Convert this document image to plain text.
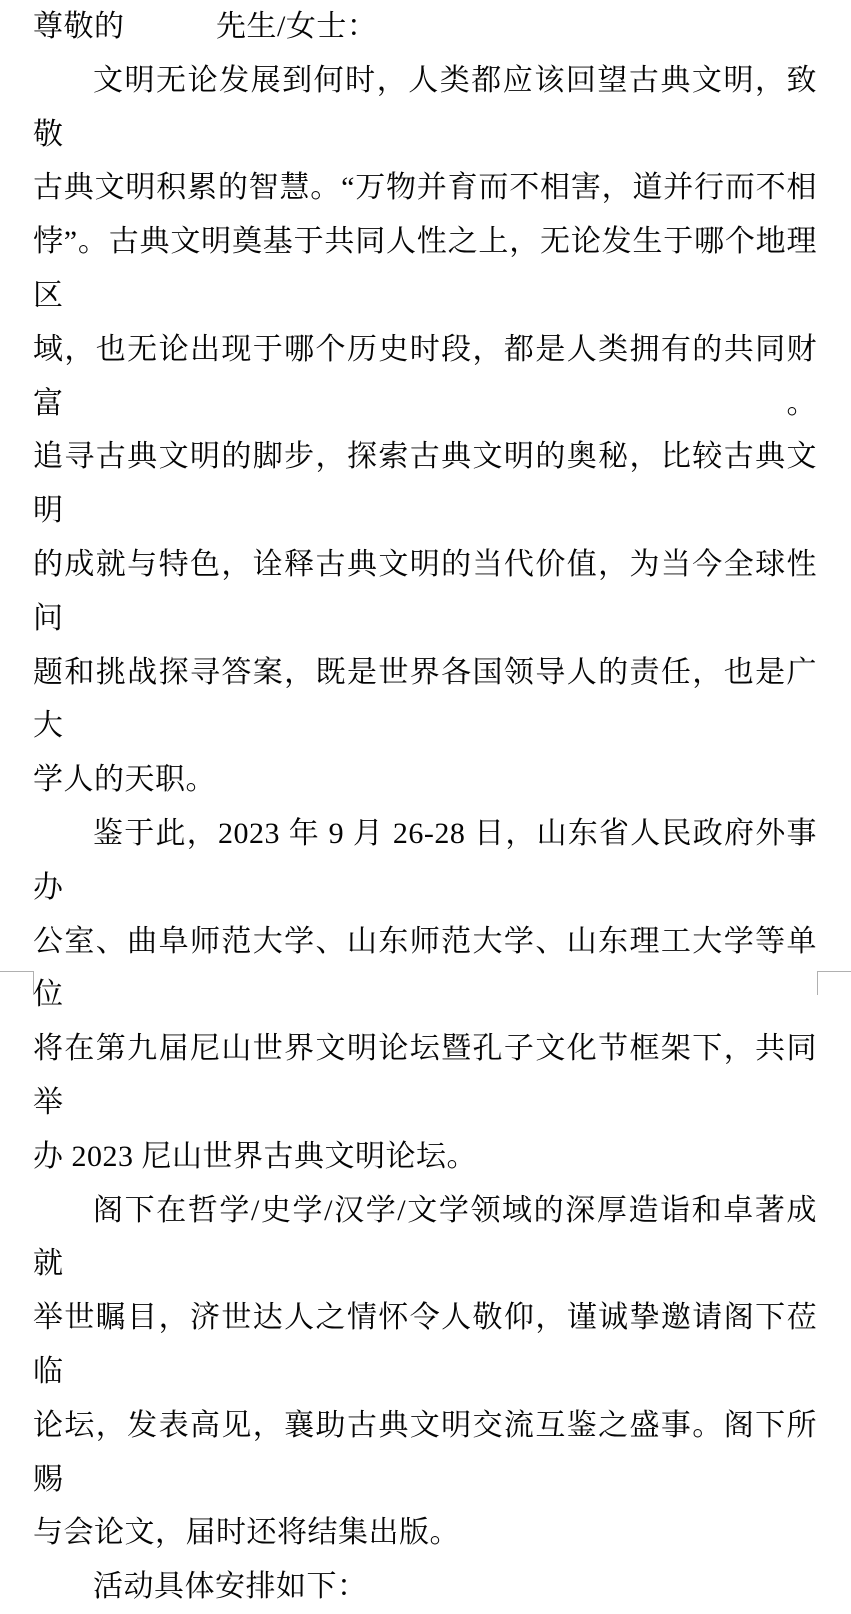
尊敬的　　　先生/女士：
文明无论发展到何时，人类都应该回望古典文明，致敬
古典文明积累的智慧。“万物并育而不相害，道并行而不相
悖”。古典文明奠基于共同人性之上，无论发生于哪个地理区
域，也无论出现于哪个历史时段，都是人类拥有的共同财富。
追寻古典文明的脚步，探索古典文明的奥秘，比较古典文明
的成就与特色，诠释古典文明的当代价值，为当今全球性问
题和挑战探寻答案，既是世界各国领导人的责任，也是广大
学人的天职。
鉴于此，2023 年 9 月 26-28 日，山东省人民政府外事办
公室、曲阜师范大学、山东师范大学、山东理工大学等单位
将在第九届尼山世界文明论坛暨孔子文化节框架下，共同举
办 2023 尼山世界古典文明论坛。
阁下在哲学/史学/汉学/文学领域的深厚造诣和卓著成就
举世瞩目，济世达人之情怀令人敬仰，谨诚挚邀请阁下莅临
论坛，发表高见，襄助古典文明交流互鉴之盛事。阁下所赐
与会论文，届时还将结集出版。
活动具体安排如下：
